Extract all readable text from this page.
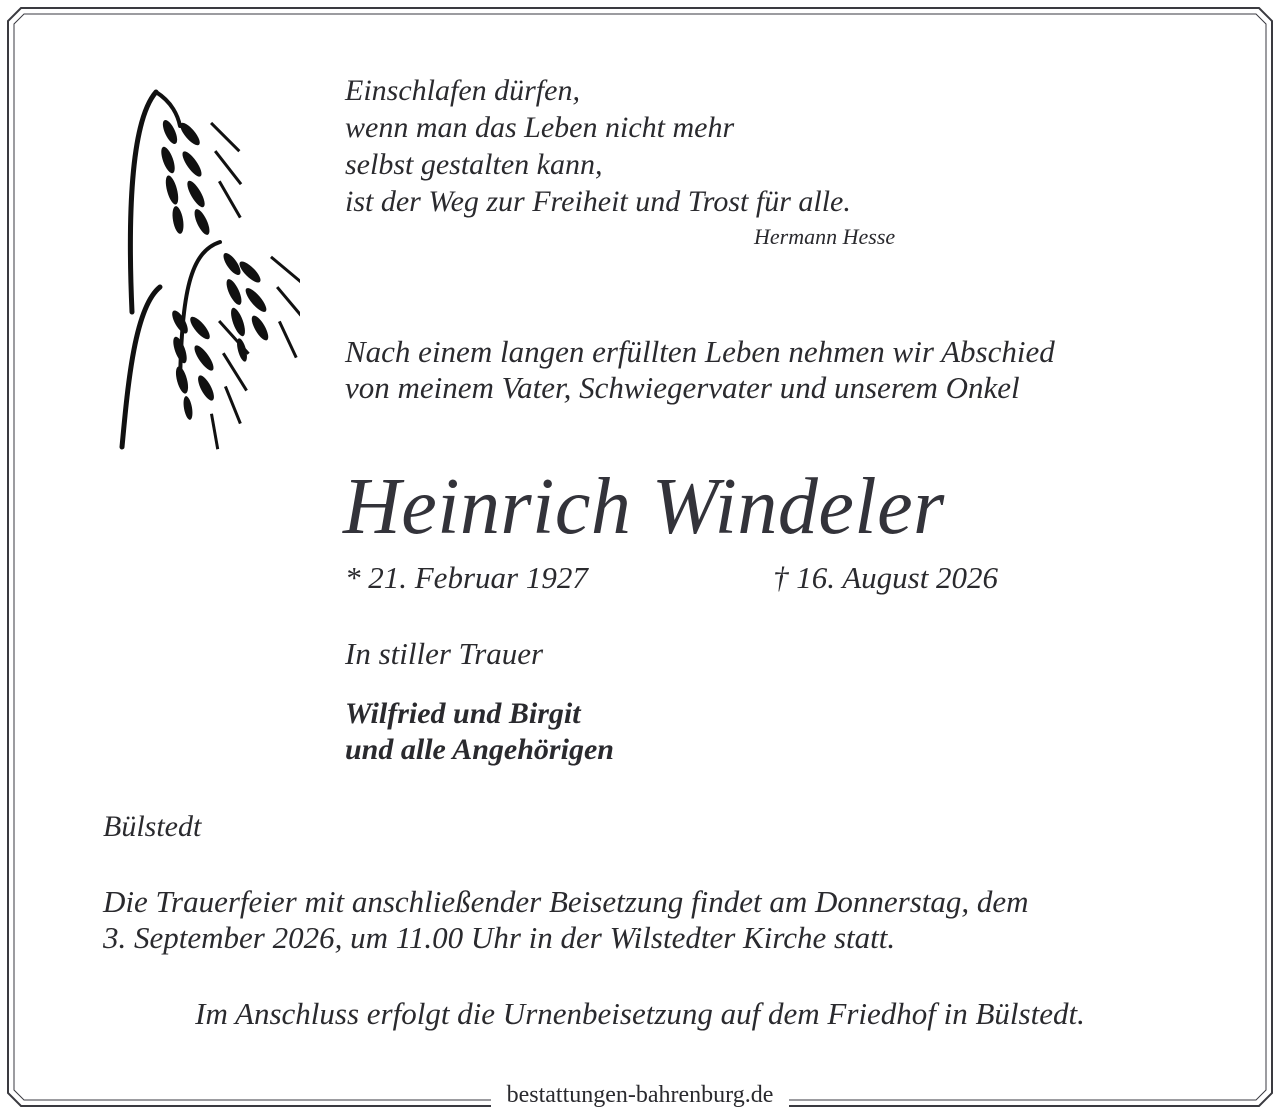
Einschlafen dürfen,
wenn man das Leben nicht mehr
selbst gestalten kann,
ist der Weg zur Freiheit und Trost für alle.
Hermann Hesse
Nach einem langen erfüllten Leben nehmen wir Abschied
von meinem Vater, Schwiegervater und unserem Onkel
Heinrich Windeler
* 21. Februar 1927	† 16. August 2026
In stiller Trauer
Wilfried und Birgit
und alle Angehörigen
Bülstedt
Die Trauerfeier mit anschließender Beisetzung findet am Donnerstag, dem
3. September 2026, um 11.00 Uhr in der Wilstedter Kirche statt.
Im Anschluss erfolgt die Urnenbeisetzung auf dem Friedhof in Bülstedt.
bestattungen-bahrenburg.de
